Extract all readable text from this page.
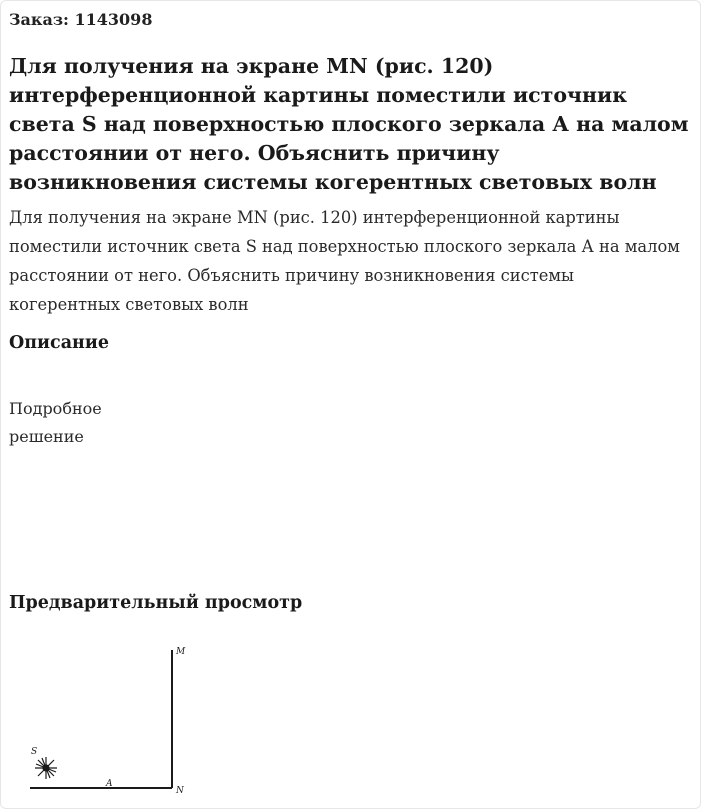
Заказ: 1143098
Для получения на экране MN (рис. 120) интерференционной картины поместили источник света S над поверхностью плоского зеркала А на малом расстоянии от него. Объяснить причину возникновения системы когерентных световых волн

Для получения на экране MN (рис. 120) интерференционной картины поместили источник света S над поверхностью плоского зеркала А на малом расстоянии от него. Объяснить причину возникновения системы когерентных световых волн

Описание

Подробное решение

Предварительный просмотр
M
A
N
S
